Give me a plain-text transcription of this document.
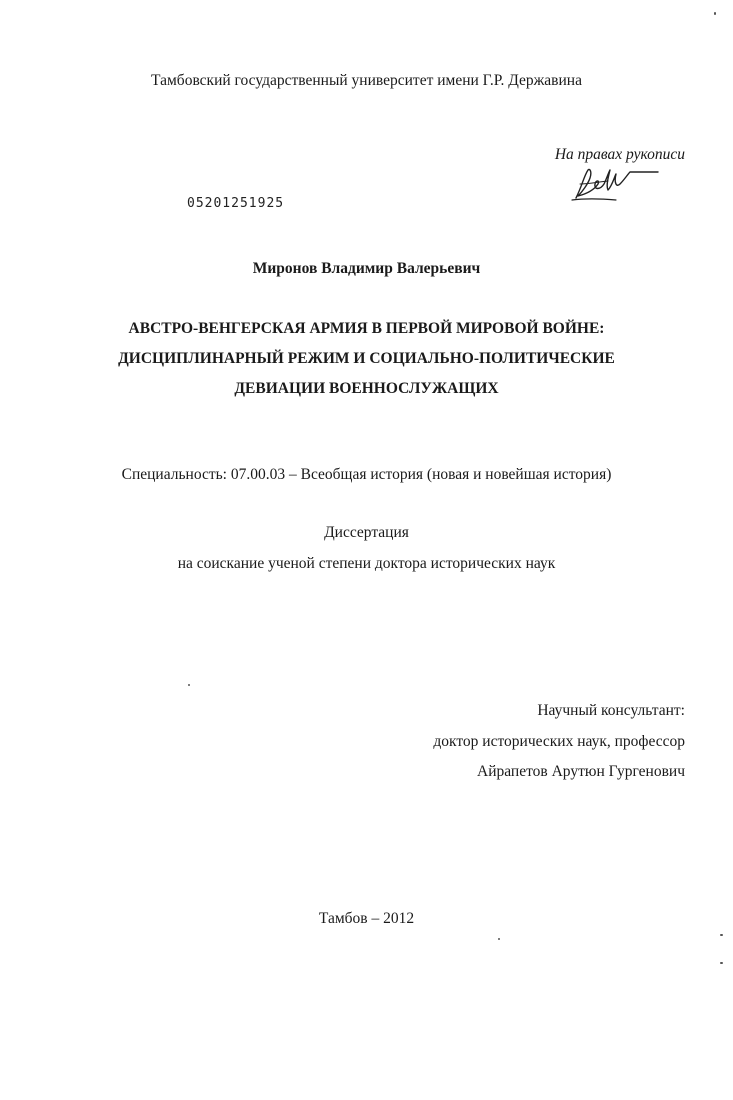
Тамбовский государственный университет имени Г.Р. Державина
На правах рукописи
05201251925
Миронов Владимир Валерьевич
АВСТРО-ВЕНГЕРСКАЯ АРМИЯ В ПЕРВОЙ МИРОВОЙ ВОЙНЕ:
ДИСЦИПЛИНАРНЫЙ РЕЖИМ И СОЦИАЛЬНО-ПОЛИТИЧЕСКИЕ
ДЕВИАЦИИ ВОЕННОСЛУЖАЩИХ
Специальность: 07.00.03 – Всеобщая история (новая и новейшая история)
Диссертация
на соискание ученой степени доктора исторических наук
Научный консультант:
доктор исторических наук, профессор
Айрапетов Арутюн Гургенович
Тамбов – 2012
